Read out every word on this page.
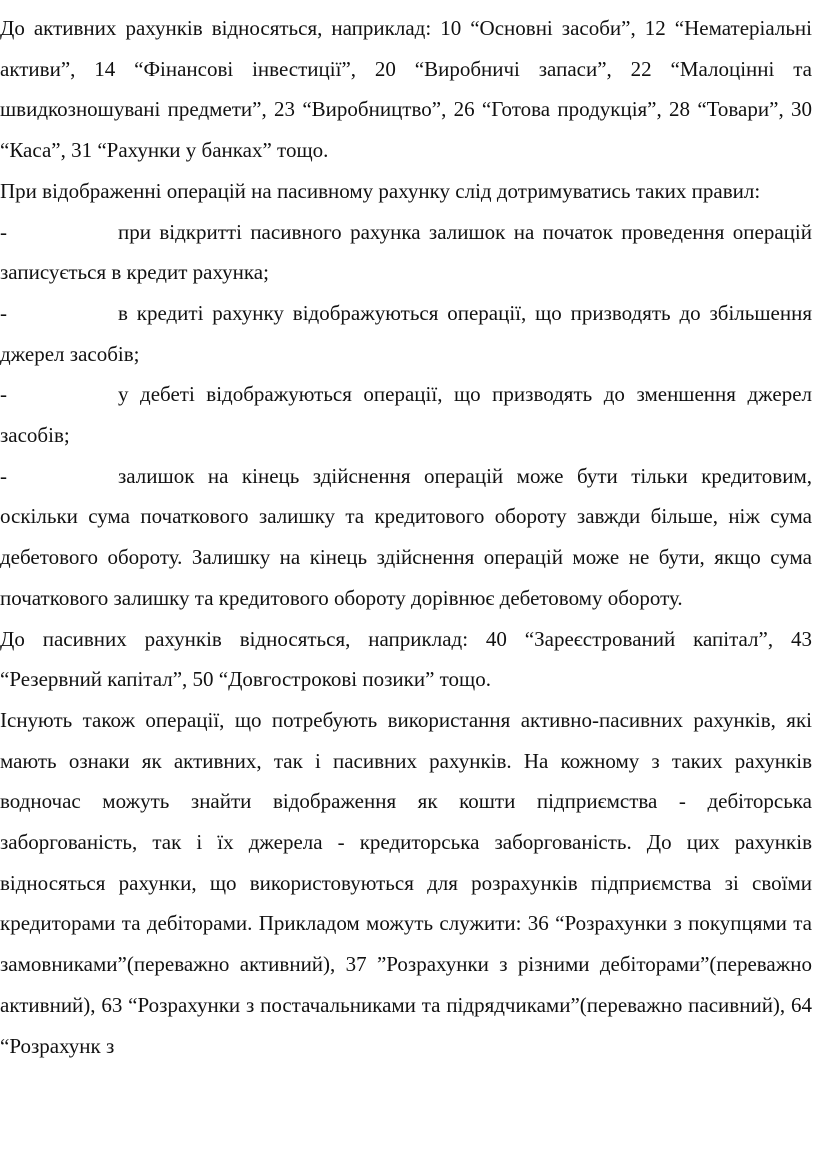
До активних рахунків відносяться, наприклад: 10 “Основні засоби”, 12 “Нематеріальні активи”, 14 “Фінансові інвестиції”, 20 “Виробничі запаси”, 22 “Малоцінні та швидкозношувані предмети”, 23 “Виробництво”, 26 “Готова продукція”, 28 “Товари”, 30 “Каса”, 31 “Рахунки у банках” тощо.

При відображенні операцій на пасивному рахунку слід дотримуватись таких правил:

-	при відкритті пасивного рахунка залишок на початок проведення операцій записується в кредит рахунка;
-	в кредиті рахунку відображуються операції, що призводять до збільшення джерел засобів;
-	у дебеті відображуються операції, що призводять до зменшення джерел засобів;
-	залишок на кінець здійснення операцій може бути тільки кредитовим, оскільки сума початкового залишку та кредитового обороту завжди більше, ніж сума дебетового обороту. Залишку на кінець здійснення операцій може не бути, якщо сума початкового залишку та кредитового обороту дорівнює дебетовому обороту.

До пасивних рахунків відносяться, наприклад: 40 “Зареєстрований капітал”, 43 “Резервний капітал”, 50 “Довгострокові позики” тощо.

Існують також операції, що потребують використання активно-пасивних рахунків, які мають ознаки як активних, так і пасивних рахунків. На кожному з таких рахунків водночас можуть знайти відображення як кошти підприємства - дебіторська заборгованість, так і їх джерела - кредиторська заборгованість. До цих рахунків відносяться рахунки, що використовуються для розрахунків підприємства зі своїми кредиторами та дебіторами. Прикладом можуть служити: 36 “Розрахунки з покупцями та замовниками”(переважно активний), 37 ”Розрахунки з різними дебіторами”(переважно активний), 63 “Розрахунки з постачальниками та підрядчиками”(переважно пасивний), 64 “Розрахунк з
